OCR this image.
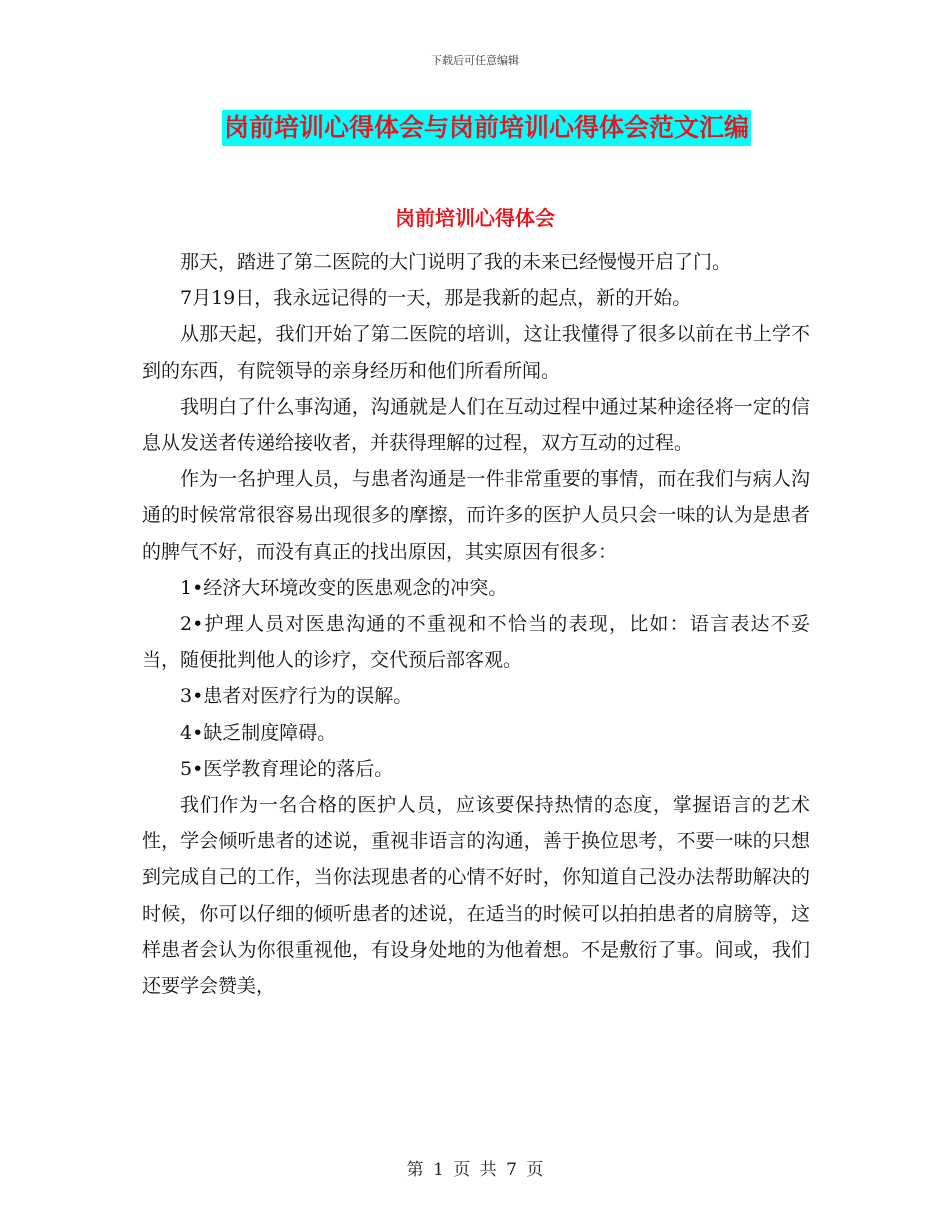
下载后可任意编辑
岗前培训心得体会与岗前培训心得体会范文汇编
岗前培训心得体会

那天，踏进了第二医院的大门说明了我的未来已经慢慢开启了门。

7月19日，我永远记得的一天，那是我新的起点，新的开始。

从那天起，我们开始了第二医院的培训，这让我懂得了很多以前在书上学不到的东西，有院领导的亲身经历和他们所看所闻。

我明白了什么事沟通，沟通就是人们在互动过程中通过某种途径将一定的信息从发送者传递给接收者，并获得理解的过程，双方互动的过程。

作为一名护理人员，与患者沟通是一件非常重要的事情，而在我们与病人沟通的时候常常很容易出现很多的摩擦，而许多的医护人员只会一味的认为是患者的脾气不好，而没有真正的找出原因，其实原因有很多：

1•经济大环境改变的医患观念的冲突。

2•护理人员对医患沟通的不重视和不恰当的表现，比如：语言表达不妥当，随便批判他人的诊疗，交代预后部客观。

3•患者对医疗行为的误解。

4•缺乏制度障碍。

5•医学教育理论的落后。

我们作为一名合格的医护人员，应该要保持热情的态度，掌握语言的艺术性，学会倾听患者的述说，重视非语言的沟通，善于换位思考，不要一味的只想到完成自己的工作，当你法现患者的心情不好时，你知道自己没办法帮助解决的时候，你可以仔细的倾听患者的述说，在适当的时候可以拍拍患者的肩膀等，这样患者会认为你很重视他，有设身处地的为他着想。不是敷衍了事。间或，我们还要学会赞美，

第 1 页 共 7 页
